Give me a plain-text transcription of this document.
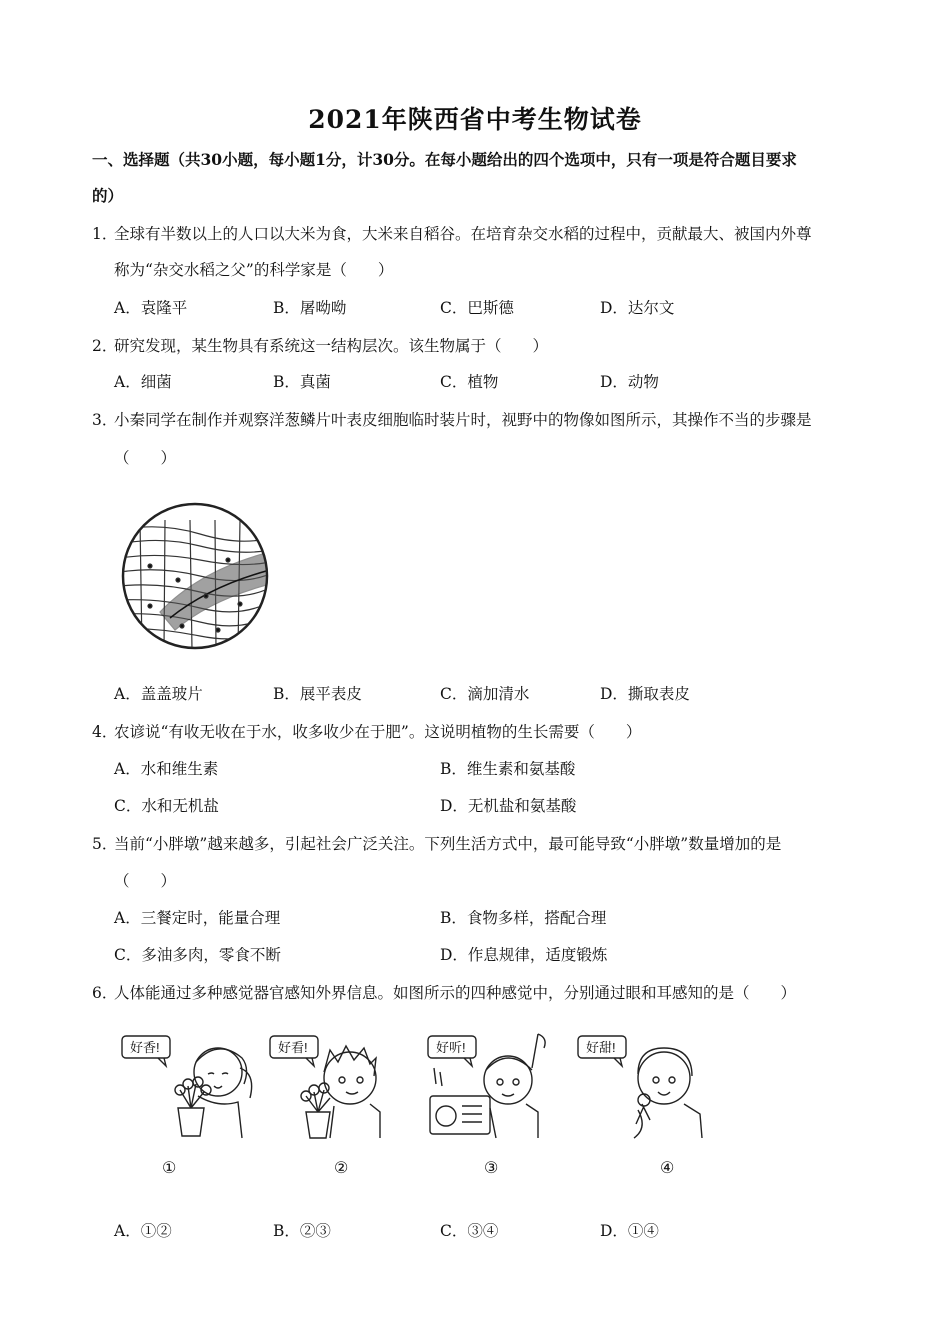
2021年陕西省中考生物试卷
一、选择题（共30小题，每小题1分，计30分。在每小题给出的四个选项中，只有一项是符合题目要求
的）
1．全球有半数以上的人口以大米为食，大米来自稻谷。在培育杂交水稻的过程中，贡献最大、被国内外尊
称为“杂交水稻之父”的科学家是（　　）
A．袁隆平	B．屠呦呦	C．巴斯德	D．达尔文
2．研究发现，某生物具有系统这一结构层次。该生物属于（　　）
A．细菌	B．真菌	C．植物	D．动物
3．小秦同学在制作并观察洋葱鳞片叶表皮细胞临时装片时，视野中的物像如图所示，其操作不当的步骤是
（　　）
A．盖盖玻片	B．展平表皮	C．滴加清水	D．撕取表皮
4．农谚说“有收无收在于水，收多收少在于肥”。这说明植物的生长需要（　　）
A．水和维生素	B．维生素和氨基酸
C．水和无机盐	D．无机盐和氨基酸
5．当前“小胖墩”越来越多，引起社会广泛关注。下列生活方式中，最可能导致“小胖墩”数量增加的是
（　　）
A．三餐定时，能量合理	B．食物多样，搭配合理
C．多油多肉，零食不断	D．作息规律，适度锻炼
6．人体能通过多种感觉器官感知外界信息。如图所示的四种感觉中，分别通过眼和耳感知的是（　　）
好香!	好看!	好听!	好甜!
①	②	③	④
A．①②	B．②③	C．③④	D．①④
